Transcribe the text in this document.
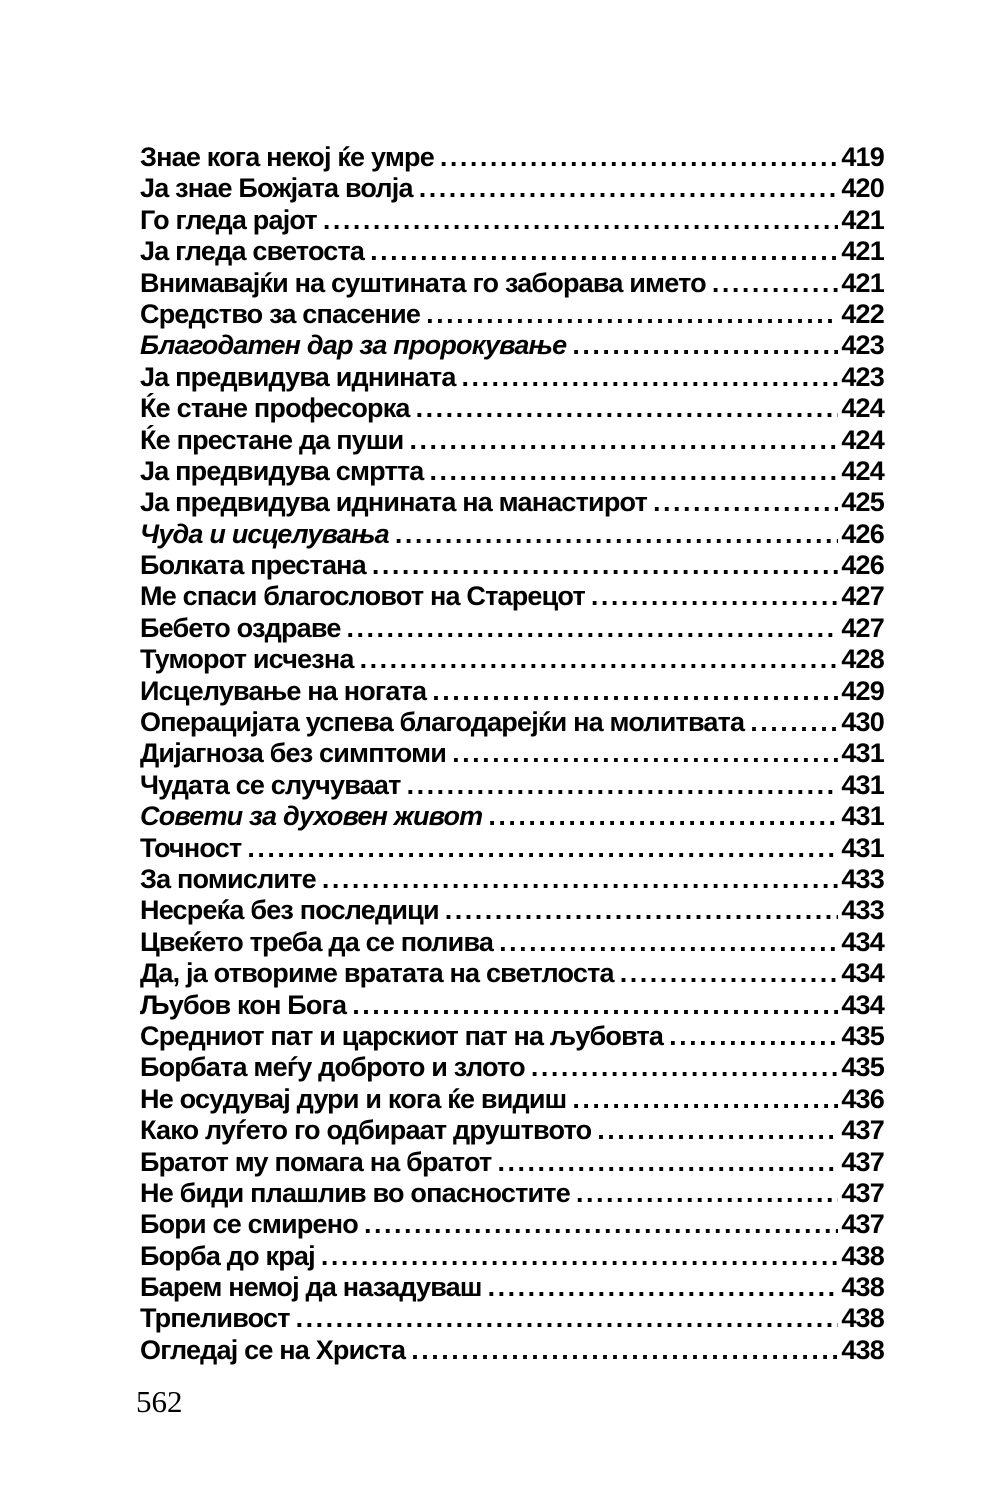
Знае кога некој ќе умре .....	419
Ја знае Божјата волја .....	420
Го гледа рајот .....	421
Ја гледа светоста .....	421
Внимавајќи на суштината го заборава името .....	421
Средство за спасение .....	422
Благодатен дар за пророкување .....	423
Ја предвидува иднината .....	423
Ќе стане професорка .....	424
Ќе престане да пуши .....	424
Ја предвидува смртта .....	424
Ја предвидува иднината на манастирот .....	425
Чуда и исцелувања .....	426
Болката престана .....	426
Ме спаси благословот на Старецот .....	427
Бебето оздраве .....	427
Туморот исчезна .....	428
Исцелување на ногата .....	429
Операцијата успева благодарејќи на молитвата .....	430
Дијагноза без симптоми .....	431
Чудата се случуваат .....	431
Совети за духовен живот .....	431
Точност .....	431
За помислите .....	433
Несреќа без последици .....	433
Цвеќето треба да се полива .....	434
Да, ја отвориме вратата на светлоста .....	434
Љубов кон Бога .....	434
Средниот пат и царскиот пат на љубовта .....	435
Борбата меѓу доброто и злото .....	435
Не осудувај дури и кога ќе видиш .....	436
Како луѓето го одбираат друштвото .....	437
Братот му помага на братот .....	437
Не биди плашлив во опасностите .....	437
Бори се смирено .....	437
Борба до крај .....	438
Барем немој да назадуваш .....	438
Трпеливост .....	438
Огледај се на Христа .....	438
562
